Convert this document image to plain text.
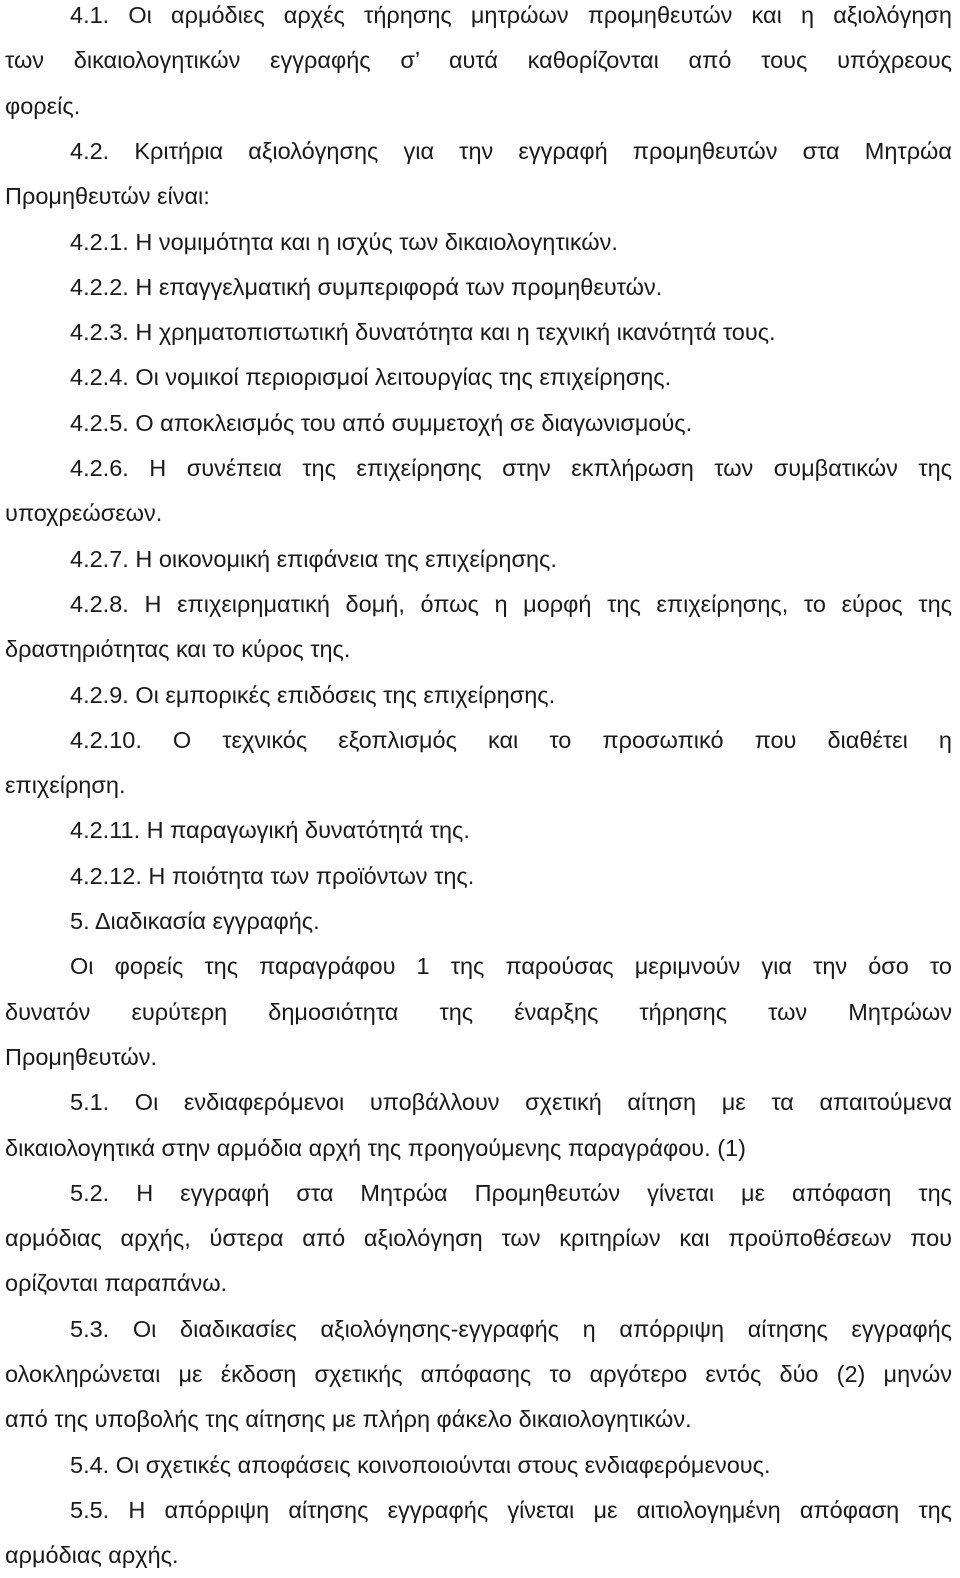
4.1. Οι αρμόδιες αρχές τήρησης μητρώων προμηθευτών και η αξιολόγηση
των δικαιολογητικών εγγραφής σ’ αυτά καθορίζονται από τους υπόχρεους
φορείς.
4.2. Κριτήρια αξιολόγησης για την εγγραφή προμηθευτών στα Μητρώα
Προμηθευτών είναι:
4.2.1. Η νομιμότητα και η ισχύς των δικαιολογητικών.
4.2.2. Η επαγγελματική συμπεριφορά των προμηθευτών.
4.2.3. Η χρηματοπιστωτική δυνατότητα και η τεχνική ικανότητά τους.
4.2.4. Οι νομικοί περιορισμοί λειτουργίας της επιχείρησης.
4.2.5. Ο αποκλεισμός του από συμμετοχή σε διαγωνισμούς.
4.2.6. Η συνέπεια της επιχείρησης στην εκπλήρωση των συμβατικών της
υποχρεώσεων.
4.2.7. Η οικονομική επιφάνεια της επιχείρησης.
4.2.8. Η επιχειρηματική δομή, όπως η μορφή της επιχείρησης, το εύρος της
δραστηριότητας και το κύρος της.
4.2.9. Οι εμπορικές επιδόσεις της επιχείρησης.
4.2.10. Ο τεχνικός εξοπλισμός και το προσωπικό που διαθέτει η
επιχείρηση.
4.2.11. Η παραγωγική δυνατότητά της.
4.2.12. Η ποιότητα των προϊόντων της.
5. Διαδικασία εγγραφής.
Οι φορείς της παραγράφου 1 της παρούσας μεριμνούν για την όσο το
δυνατόν ευρύτερη δημοσιότητα της έναρξης τήρησης των Μητρώων
Προμηθευτών.
5.1. Οι ενδιαφερόμενοι υποβάλλουν σχετική αίτηση με τα απαιτούμενα
δικαιολογητικά στην αρμόδια αρχή της προηγούμενης παραγράφου. (1)
5.2. Η εγγραφή στα Μητρώα Προμηθευτών γίνεται με απόφαση της
αρμόδιας αρχής, ύστερα από αξιολόγηση των κριτηρίων και προϋποθέσεων που
ορίζονται παραπάνω.
5.3. Οι διαδικασίες αξιολόγησης-εγγραφής η απόρριψη αίτησης εγγραφής
ολοκληρώνεται με έκδοση σχετικής απόφασης το αργότερο εντός δύο (2) μηνών
από της υποβολής της αίτησης με πλήρη φάκελο δικαιολογητικών.
5.4. Οι σχετικές αποφάσεις κοινοποιούνται στους ενδιαφερόμενους.
5.5. Η απόρριψη αίτησης εγγραφής γίνεται με αιτιολογημένη απόφαση της
αρμόδιας αρχής.
